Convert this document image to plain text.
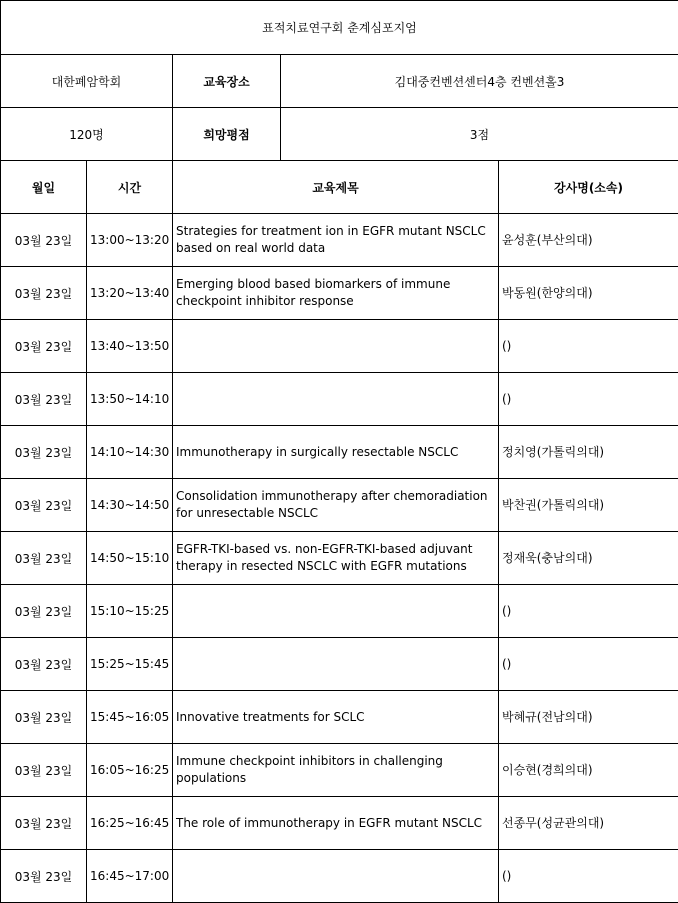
표적치료연구회 춘계심포지엄				
대한폐암학회		교육장소	김대중컨벤션센터4층 컨벤션홀3	
120명		희망평점	3점	
월일	시간	교육제목		강사명(소속)
03월 23일	13:00~13:20	Strategies for treatment ion in EGFR mutant NSCLC based on real world data		윤성훈(부산의대)
03월 23일	13:20~13:40	Emerging blood based biomarkers of immune checkpoint inhibitor response		박동원(한양의대)
03월 23일	13:40~13:50			()
03월 23일	13:50~14:10			()
03월 23일	14:10~14:30	Immunotherapy in surgically resectable NSCLC		정치영(가톨릭의대)
03월 23일	14:30~14:50	Consolidation immunotherapy after chemoradiation for unresectable NSCLC		박찬권(가톨릭의대)
03월 23일	14:50~15:10	EGFR-TKI-based vs. non-EGFR-TKI-based adjuvant therapy in resected NSCLC with EGFR mutations		정재욱(충남의대)
03월 23일	15:10~15:25			()
03월 23일	15:25~15:45			()
03월 23일	15:45~16:05	Innovative treatments for SCLC		박혜규(전남의대)
03월 23일	16:05~16:25	Immune checkpoint inhibitors in challenging populations		이승현(경희의대)
03월 23일	16:25~16:45	The role of immunotherapy in EGFR mutant NSCLC		선종무(성균관의대)
03월 23일	16:45~17:00			()
